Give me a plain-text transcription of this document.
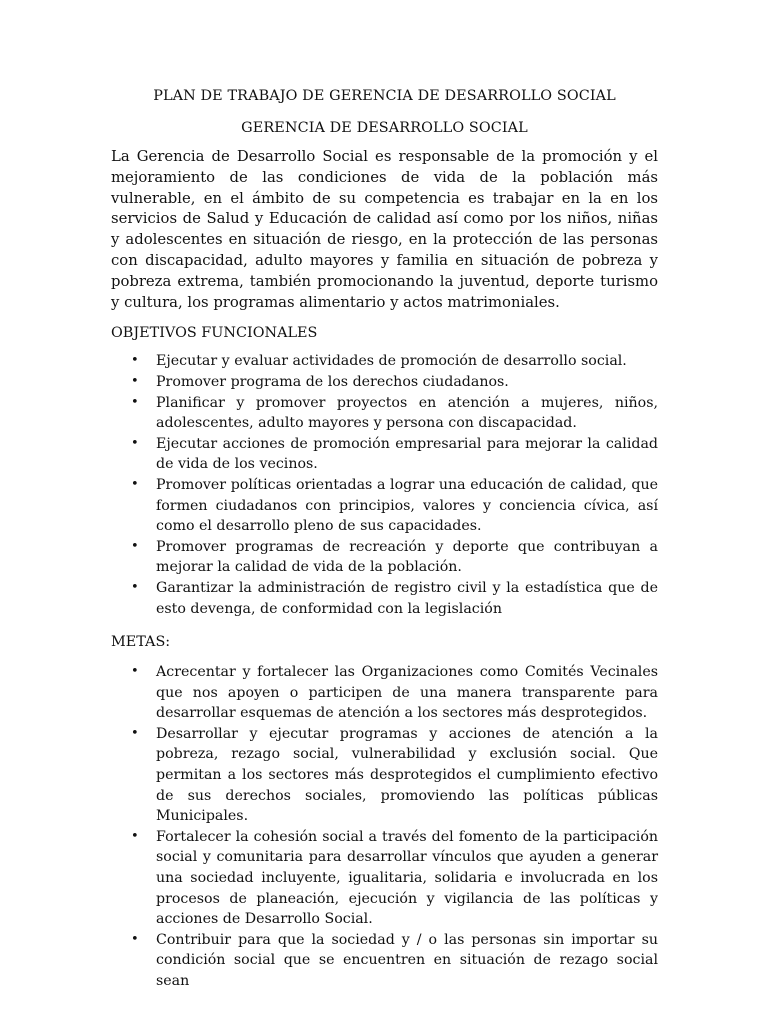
PLAN DE TRABAJO DE GERENCIA DE DESARROLLO SOCIAL
GERENCIA DE DESARROLLO SOCIAL

La Gerencia de Desarrollo Social es responsable de la promoción y el mejoramiento de las condiciones de vida de la población más vulnerable, en el ámbito de su competencia es trabajar en la en los servicios de Salud y Educación de calidad así como por los niños, niñas y adolescentes en situación de riesgo, en la protección de las personas con discapacidad, adulto mayores y familia en situación de pobreza y pobreza extrema, también promocionando la juventud, deporte turismo y cultura, los programas alimentario y actos matrimoniales.

OBJETIVOS FUNCIONALES
• Ejecutar y evaluar actividades de promoción de desarrollo social.
• Promover programa de los derechos ciudadanos.
• Planificar y promover proyectos en atención a mujeres, niños, adolescentes, adulto mayores y persona con discapacidad.
• Ejecutar acciones de promoción empresarial para mejorar la calidad de vida de los vecinos.
• Promover políticas orientadas a lograr una educación de calidad, que formen ciudadanos con principios, valores y conciencia cívica, así como el desarrollo pleno de sus capacidades.
• Promover programas de recreación y deporte que contribuyan a mejorar la calidad de vida de la población.
• Garantizar la administración de registro civil y la estadística que de esto devenga, de conformidad con la legislación
METAS:
• Acrecentar y fortalecer las Organizaciones como Comités Vecinales que nos apoyen o participen de una manera transparente para desarrollar esquemas de atención a los sectores más desprotegidos.
• Desarrollar y ejecutar programas y acciones de atención a la pobreza, rezago social, vulnerabilidad y exclusión social. Que permitan a los sectores más desprotegidos el cumplimiento efectivo de sus derechos sociales, promoviendo las políticas públicas Municipales.
• Fortalecer la cohesión social a través del fomento de la participación social y comunitaria para desarrollar vínculos que ayuden a generar una sociedad incluyente, igualitaria, solidaria e involucrada en los procesos de planeación, ejecución y vigilancia de las políticas y acciones de Desarrollo Social.
• Contribuir para que la sociedad y / o las personas sin importar su condición social que se encuentren en situación de rezago social sean
